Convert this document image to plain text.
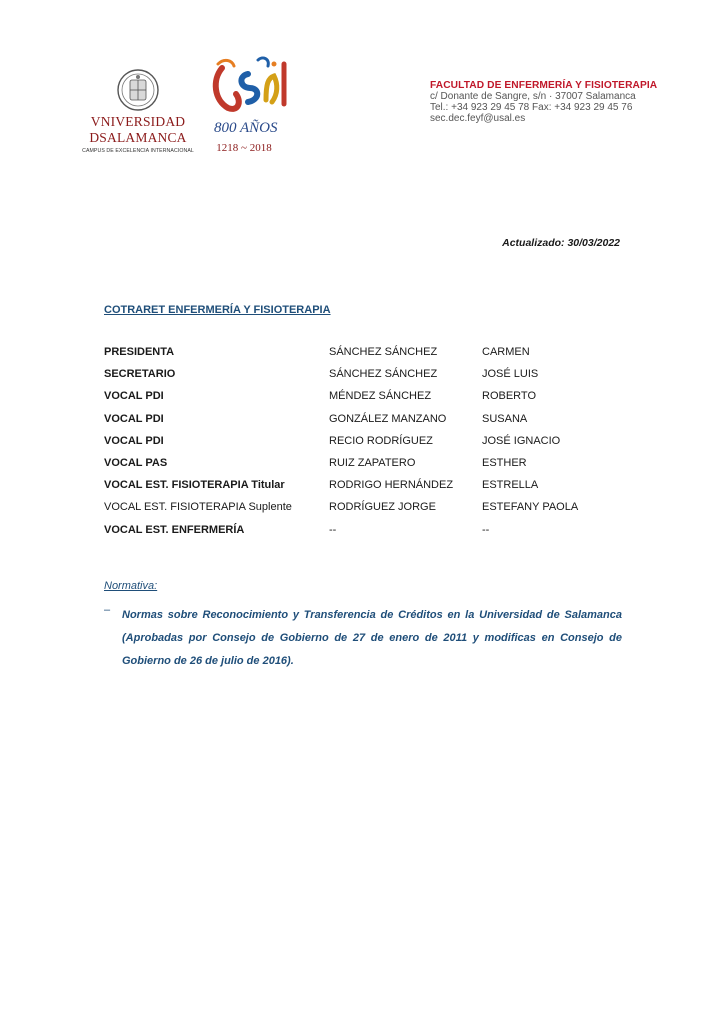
VNIVERSIDAD
DSALAMANCA
CAMPUS DE EXCELENCIA INTERNACIONAL
800 AÑOS
1218 ~ 2018
FACULTAD DE ENFERMERÍA Y FISIOTERAPIA
c/ Donante de Sangre, s/n · 37007 Salamanca
Tel.: +34 923 29 45 78 Fax: +34 923 29 45 76
sec.dec.feyf@usal.es
Actualizado: 30/03/2022
COTRARET ENFERMERÍA Y FISIOTERAPIA
PRESIDENTA	SÁNCHEZ SÁNCHEZ	CARMEN
SECRETARIO	SÁNCHEZ SÁNCHEZ	JOSÉ LUIS
VOCAL PDI	MÉNDEZ SÁNCHEZ	ROBERTO
VOCAL PDI	GONZÁLEZ MANZANO	SUSANA
VOCAL PDI	RECIO RODRÍGUEZ	JOSÉ IGNACIO
VOCAL PAS	RUIZ ZAPATERO	ESTHER
VOCAL EST. FISIOTERAPIA Titular	RODRIGO HERNÁNDEZ	ESTRELLA
VOCAL EST. FISIOTERAPIA Suplente	RODRÍGUEZ JORGE	ESTEFANY PAOLA
VOCAL EST. ENFERMERÍA	--	--
Normativa:
– Normas sobre Reconocimiento y Transferencia de Créditos en la Universidad de Salamanca
(Aprobadas por Consejo de Gobierno de 27 de enero de 2011 y modificas en Consejo de
Gobierno de 26 de julio de 2016).
